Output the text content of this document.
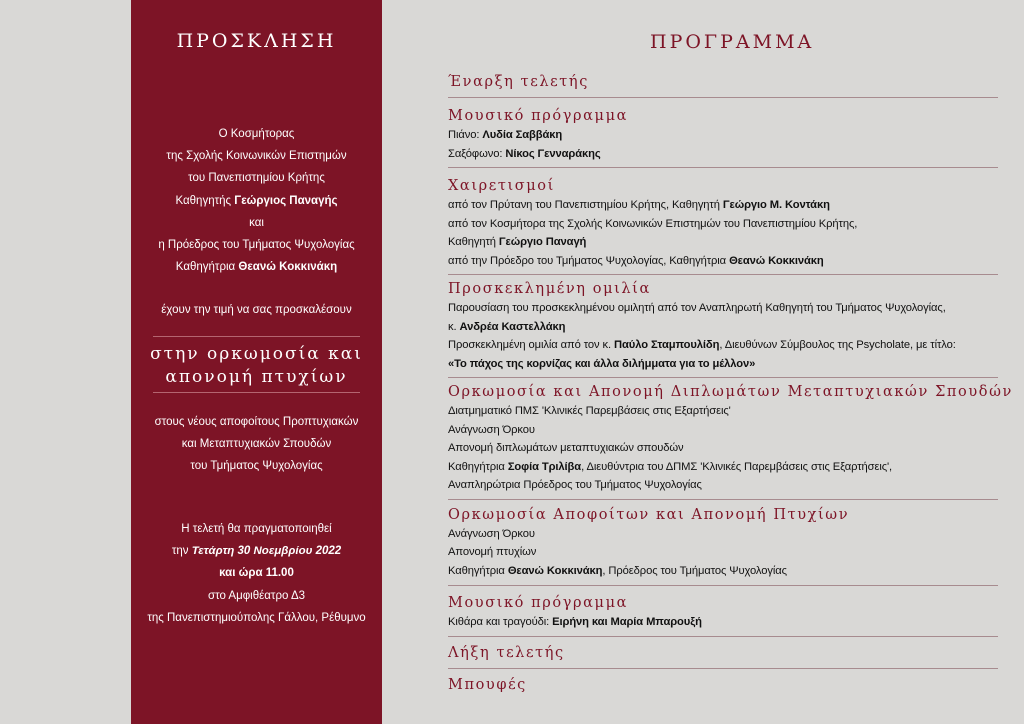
ΠΡΟΣΚΛΗΣΗ
Ο Κοσμήτορας
της Σχολής Κοινωνικών Επιστημών
του Πανεπιστημίου Κρήτης
Καθηγητής Γεώργιος Παναγής
και
η Πρόεδρος του Τμήματος Ψυχολογίας
Καθηγήτρια Θεανώ Κοκκινάκη
έχουν την τιμή να σας προσκαλέσουν
στην ορκωμοσία και
απονομή πτυχίων
στους νέους αποφοίτους Προπτυχιακών
και Μεταπτυχιακών Σπουδών
του Τμήματος Ψυχολογίας
Η τελετή θα πραγματοποιηθεί
την Τετάρτη 30 Νοεμβρίου 2022
και ώρα 11.00
στο Αμφιθέατρο Δ3
της Πανεπιστημιούπολης Γάλλου, Ρέθυμνο
ΠΡΟΓΡΑΜΜΑ
Έναρξη τελετής
Μουσικό πρόγραμμα
Πιάνο: Λυδία Σαββάκη
Σαξόφωνο: Νίκος Γενναράκης
Χαιρετισμοί
από τον Πρύτανη του Πανεπιστημίου Κρήτης, Καθηγητή Γεώργιο Μ. Κοντάκη
από τον Κοσμήτορα της Σχολής Κοινωνικών Επιστημών του Πανεπιστημίου Κρήτης,
Καθηγητή Γεώργιο Παναγή
από την Πρόεδρο του Τμήματος Ψυχολογίας, Καθηγήτρια Θεανώ Κοκκινάκη
Προσκεκλημένη ομιλία
Παρουσίαση του προσκεκλημένου ομιλητή από τον Αναπληρωτή Καθηγητή του Τμήματος Ψυχολογίας,
κ. Ανδρέα Καστελλάκη
Προσκεκλημένη ομιλία από τον κ. Παύλο Σταμπουλίδη, Διευθύνων Σύμβουλος της Psycholate, με τίτλο:
«Το πάχος της κορνίζας και άλλα διλήμματα για το μέλλον»
Ορκωμοσία και Απονομή Διπλωμάτων Μεταπτυχιακών Σπουδών
Διατμηματικό ΠΜΣ 'Κλινικές Παρεμβάσεις στις Εξαρτήσεις'
Ανάγνωση Όρκου
Απονομή διπλωμάτων μεταπτυχιακών σπουδών
Καθηγήτρια Σοφία Τριλίβα, Διευθύντρια του ΔΠΜΣ 'Κλινικές Παρεμβάσεις στις Εξαρτήσεις',
Αναπληρώτρια Πρόεδρος του Τμήματος Ψυχολογίας
Ορκωμοσία Αποφοίτων και Απονομή Πτυχίων
Ανάγνωση Όρκου
Απονομή πτυχίων
Καθηγήτρια Θεανώ Κοκκινάκη, Πρόεδρος του Τμήματος Ψυχολογίας
Μουσικό πρόγραμμα
Κιθάρα και τραγούδι: Ειρήνη και Μαρία Μπαρουξή
Λήξη τελετής
Μπουφές
